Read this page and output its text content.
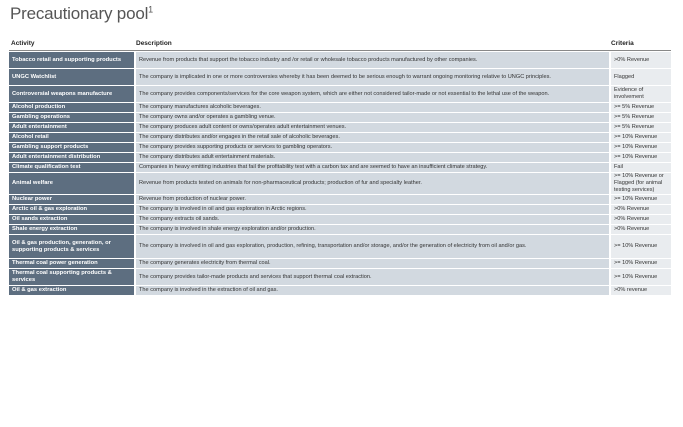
Precautionary pool$^1$
Activity	Description	Criteria
Tobacco retail and supporting products	Revenue from products that support the tobacco industry and /or retail or wholesale tobacco products manufactured by other companies.	>0% Revenue
UNGC Watchlist	The company is implicated in one or more controversies whereby it has been deemed to be serious enough to warrant ongoing monitoring relative to UNGC principles.	Flagged
Controversial weapons manufacture	The company provides components/services for the core weapon system, which are either not considered tailor-made or not essential to the lethal use of the weapon.	Evidence of involvement
Alcohol production	The company manufactures alcoholic beverages.	>= 5% Revenue
Gambling operations	The company owns and/or operates a gambling venue.	>= 5% Revenue
Adult entertainment	The company produces adult content or owns/operates adult entertainment venues.	>= 5% Revenue
Alcohol retail	The company distributes and/or engages in the retail sale of alcoholic beverages.	>= 10% Revenue
Gambling support products	The company provides supporting products or services to gambling operators.	>= 10% Revenue
Adult entertainment distribution	The company distributes adult entertainment materials.	>= 10% Revenue
Climate qualification test	Companies in heavy emitting industries that fail the profitability test with a carbon tax and are seemed to have an insufficient climate strategy.	Fail
Animal welfare	Revenue from products tested on animals for non-pharmaceutical products; production of fur and specialty leather.	>= 10% Revenue or Flagged (for animal testing services)
Nuclear power	Revenue from production of nuclear power.	>= 10% Revenue
Arctic oil & gas exploration	The company is involved in oil and gas exploration in Arctic regions.	>0% Revenue
Oil sands extraction	The company extracts oil sands.	>0% Revenue
Shale energy extraction	The company is involved in shale energy exploration and/or production.	>0% Revenue
Oil & gas production, generation, or supporting products & services	The company is involved in oil and gas exploration, production, refining, transportation and/or storage, and/or the generation of electricity from oil and/or gas.	>= 10% Revenue
Thermal coal power generation	The company generates electricity from thermal coal.	>= 10% Revenue
Thermal coal supporting products & services	The company provides tailor-made products and services that support thermal coal extraction.	>= 10% Revenue
Oil & gas extraction	The company is involved in the extraction of oil and gas.	>0% revenue
